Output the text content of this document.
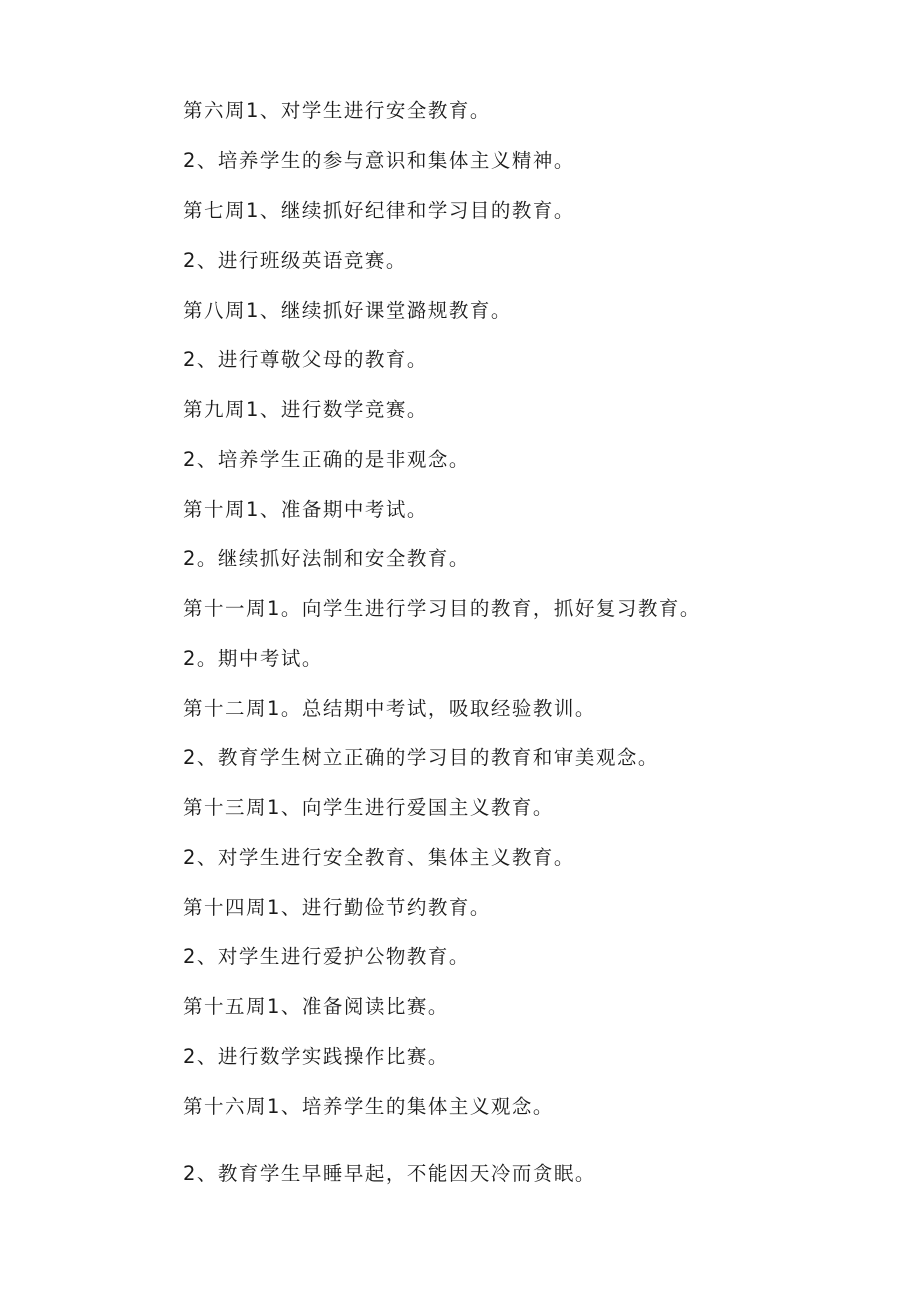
第六周1、对学生进行安全教育。

2、培养学生的参与意识和集体主义精神。

第七周1、继续抓好纪律和学习目的教育。

2、进行班级英语竞赛。

第八周1、继续抓好课堂潞规教育。

2、进行尊敬父母的教育。

第九周1、进行数学竞赛。

2、培养学生正确的是非观念。

第十周1、准备期中考试。

2。继续抓好法制和安全教育。

第十一周1。向学生进行学习目的教育，抓好复习教育。

2。期中考试。

第十二周1。总结期中考试，吸取经验教训。

2、教育学生树立正确的学习目的教育和审美观念。

第十三周1、向学生进行爱国主义教育。

2、对学生进行安全教育、集体主义教育。

第十四周1、进行勤俭节约教育。

2、对学生进行爱护公物教育。

第十五周1、准备阅读比赛。

2、进行数学实践操作比赛。

第十六周1、培养学生的集体主义观念。

2、教育学生早睡早起，不能因天冷而贪眠。
